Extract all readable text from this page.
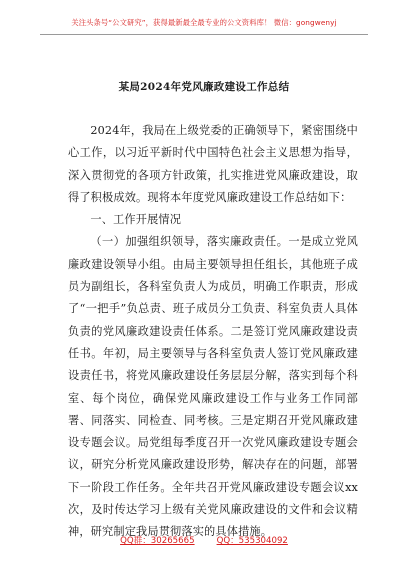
关注头条号“公文研究”，获得最新最全最专业的公文资料库！ 微信：gongwenyj
某局2024年党风廉政建设工作总结

2024年，我局在上级党委的正确领导下，紧密围绕中心工作，以习近平新时代中国特色社会主义思想为指导，深入贯彻党的各项方针政策，扎实推进党风廉政建设，取得了积极成效。现将本年度党风廉政建设工作总结如下：

一、工作开展情况

（一）加强组织领导，落实廉政责任。一是成立党风廉政建设领导小组。由局主要领导担任组长，其他班子成员为副组长，各科室负责人为成员，明确工作职责，形成了“一把手”负总责、班子成员分工负责、科室负责人具体负责的党风廉政建设责任体系。二是签订党风廉政建设责任书。年初，局主要领导与各科室负责人签订党风廉政建设责任书，将党风廉政建设任务层层分解，落实到每个科室、每个岗位，确保党风廉政建设工作与业务工作同部署、同落实、同检查、同考核。三是定期召开党风廉政建设专题会议。局党组每季度召开一次党风廉政建设专题会议，研究分析党风廉政建设形势，解决存在的问题，部署下一阶段工作任务。全年共召开党风廉政建设专题会议xx次，及时传达学习上级有关党风廉政建设的文件和会议精神，研究制定我局贯彻落实的具体措施。

QQ群：30265665	QQ：535304092
